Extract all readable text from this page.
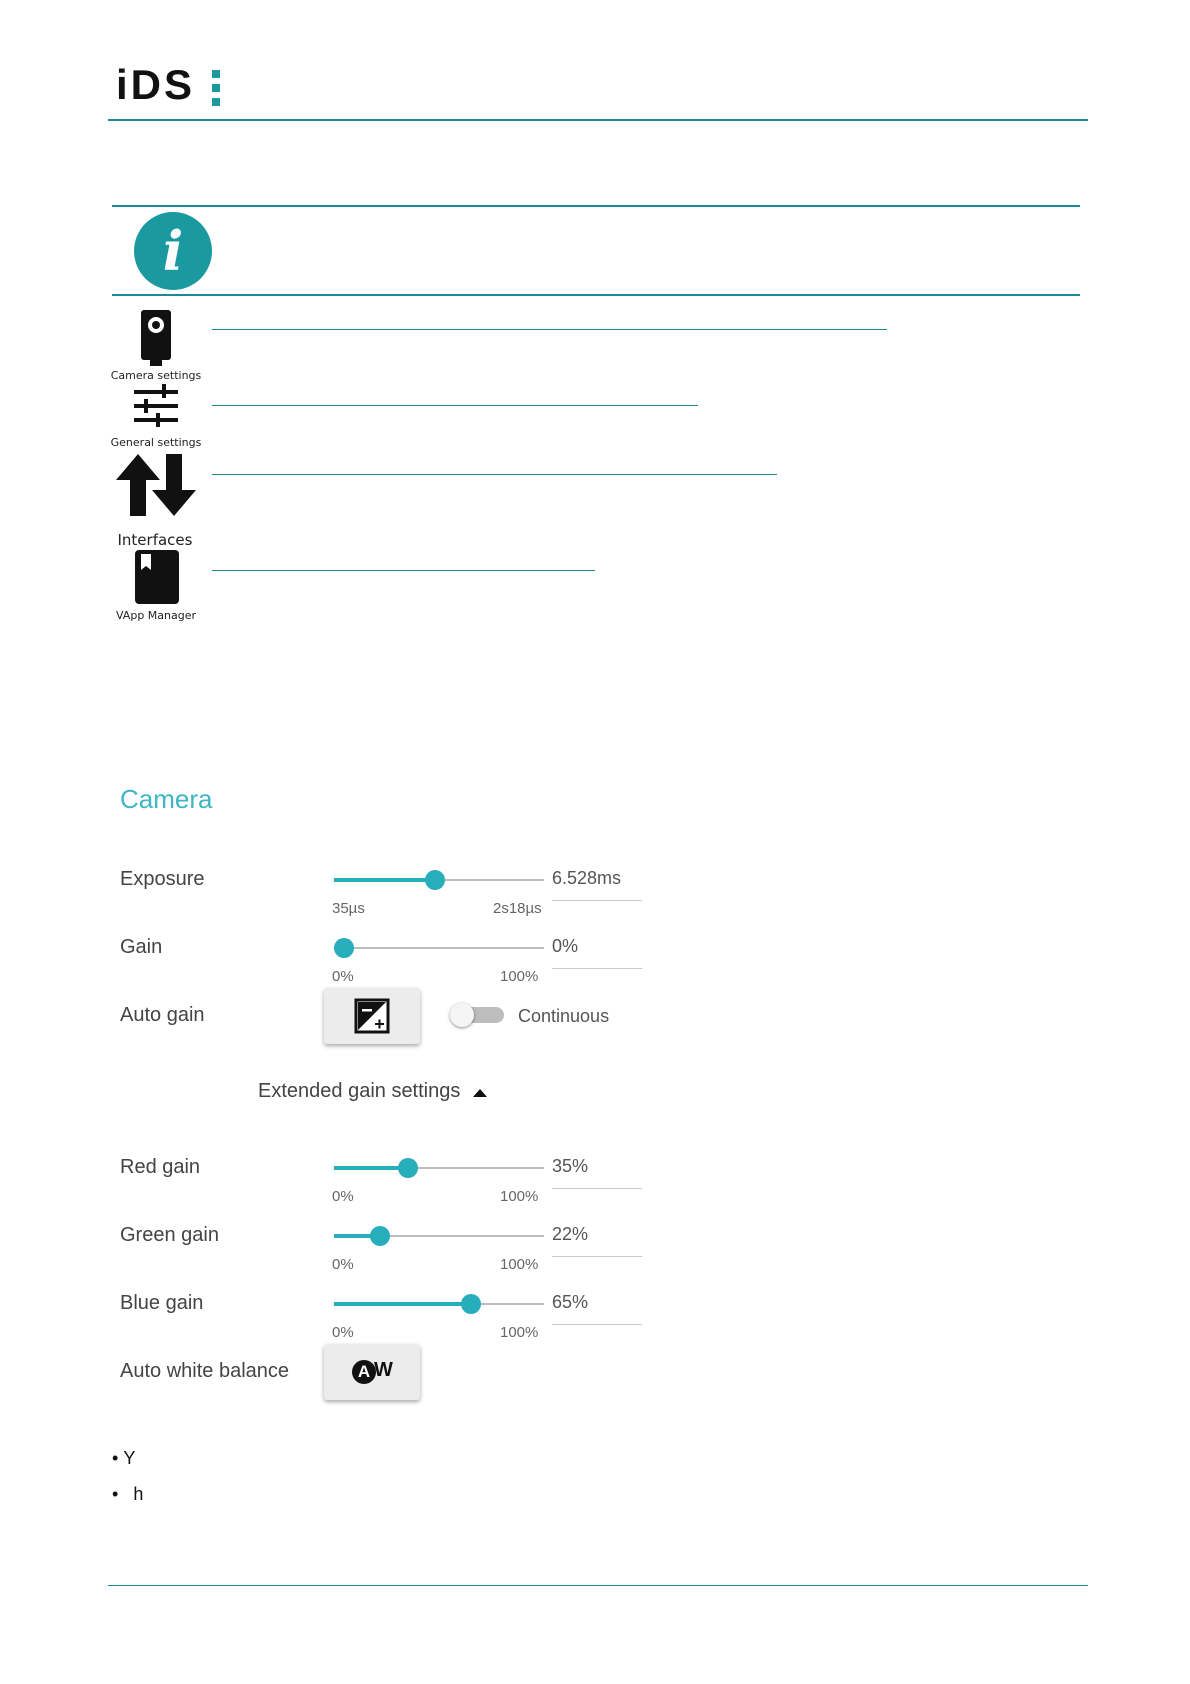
iDS
i
Camera settings
General settings
Interfaces
VApp Manager
Camera
Exposure	6.528ms
35µs	2s18µs
Gain	0%
0%	100%
Auto gain	Continuous
Extended gain settings
Red gain	35%
0%	100%
Green gain	22%
0%	100%
Blue gain	65%
0%	100%
Auto white balance	A W
• Y
•   h
